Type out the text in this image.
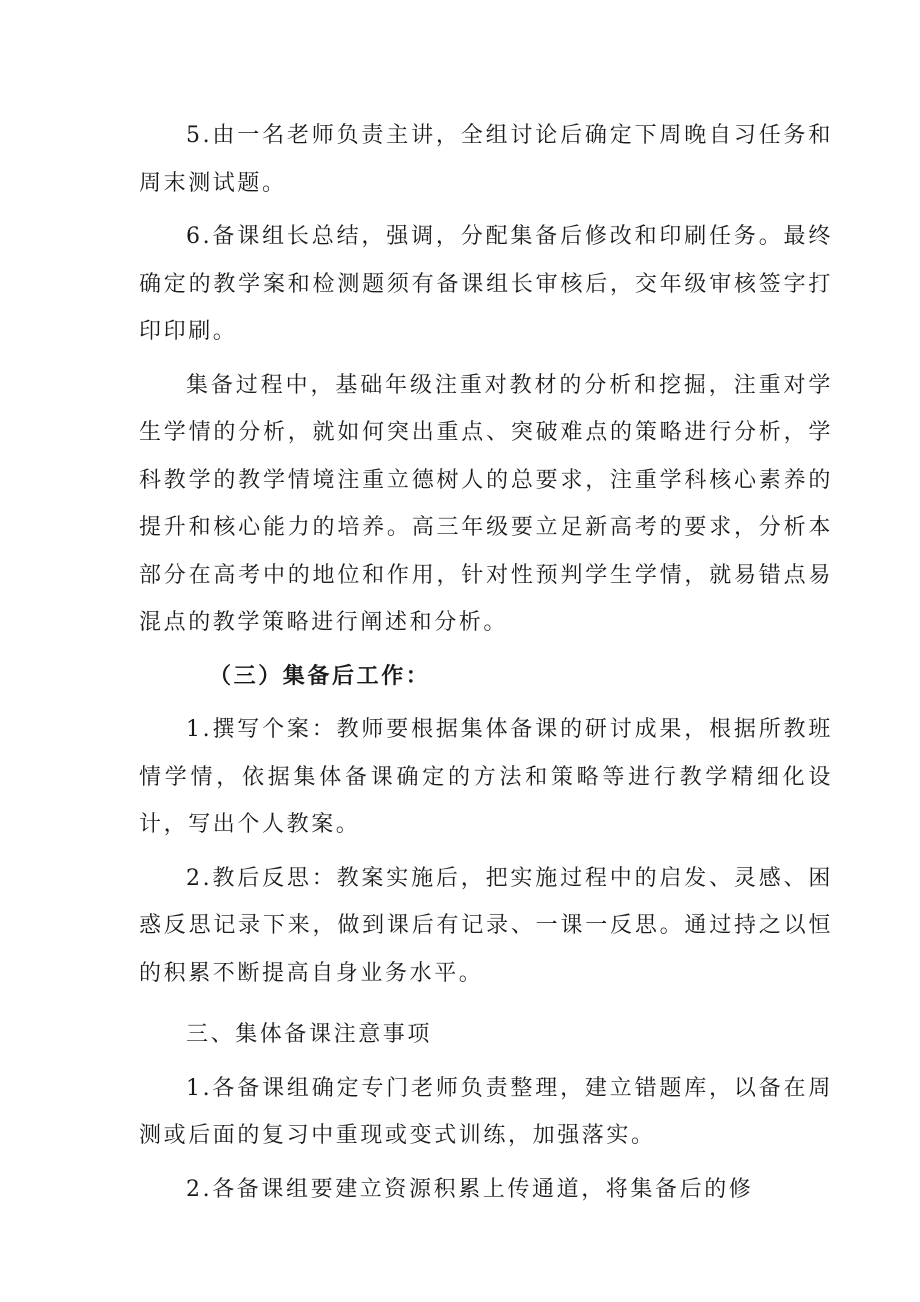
5.由一名老师负责主讲，全组讨论后确定下周晚自习任务和周末测试题。

6.备课组长总结，强调，分配集备后修改和印刷任务。最终确定的教学案和检测题须有备课组长审核后，交年级审核签字打印印刷。

集备过程中，基础年级注重对教材的分析和挖掘，注重对学生学情的分析，就如何突出重点、突破难点的策略进行分析，学科教学的教学情境注重立德树人的总要求，注重学科核心素养的提升和核心能力的培养。高三年级要立足新高考的要求，分析本部分在高考中的地位和作用，针对性预判学生学情，就易错点易混点的教学策略进行阐述和分析。

（三）集备后工作：

1.撰写个案：教师要根据集体备课的研讨成果，根据所教班情学情，依据集体备课确定的方法和策略等进行教学精细化设计，写出个人教案。

2.教后反思：教案实施后，把实施过程中的启发、灵感、困惑反思记录下来，做到课后有记录、一课一反思。通过持之以恒的积累不断提高自身业务水平。

三、集体备课注意事项

1.各备课组确定专门老师负责整理，建立错题库，以备在周测或后面的复习中重现或变式训练，加强落实。

2.各备课组要建立资源积累上传通道，将集备后的修
